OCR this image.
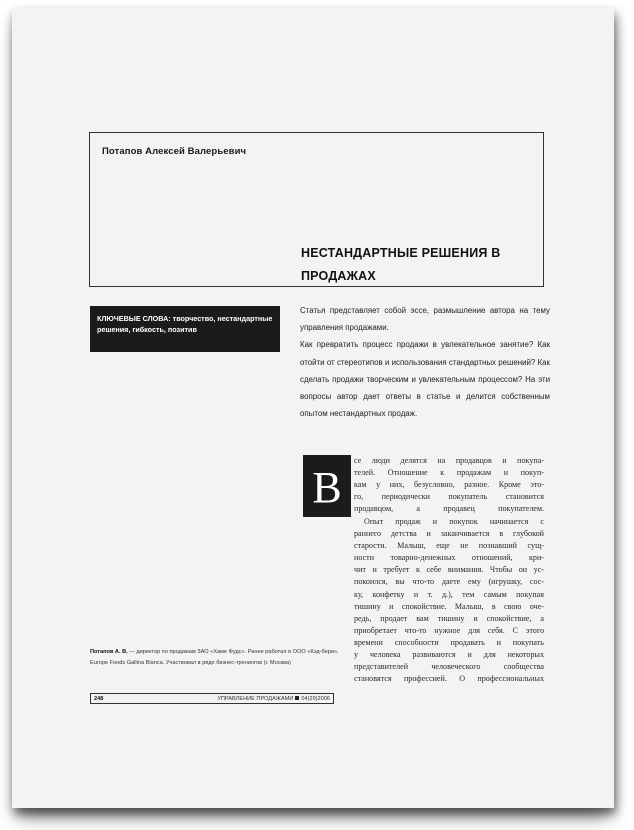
Потапов Алексей Валерьевич
НЕСТАНДАРТНЫЕ РЕШЕНИЯ В ПРОДАЖАХ
КЛЮЧЕВЫЕ СЛОВА: творчество, нестандартные решения, гибкость, позитив

Статья представляет собой эссе, размышление автора на тему управления продажами.

Как превратить процесс продажи в увлекательное занятие? Как отойти от стереотипов и использования стандартных решений? Как сделать продажи творческим и увлекательным процессом? На эти вопросы автор дает ответы в статье и делится собственным опытом нестандартных продаж.

В
се люди делятся на продавцов и покупа-
телей. Отношение к продажам и покуп-
кам у них, безусловно, разное. Кроме это-
го, периодически покупатель становится
продавцом, а продавец покупателем.
Опыт продаж и покупок начинается с
раннего детства и заканчивается в глубокой
старости. Малыш, еще не познавший сущ-
ности товарно-денежных отношений, кри-
чит и требует к себе внимания. Чтобы он ус-
покоился, вы что-то даете ему (игрушку, сос-
ку, конфетку и т. д.), тем самым покупая
тишину и спокойствие. Малыш, в свою оче-
редь, продает вам тишину и спокойствие, а
приобретает что-то нужное для себя. С этого
времени способности продавать и покупать
у человека развиваются и для некоторых
представителей человеческого сообщества
становятся профессией. О профессиональных
Потапов А. В. — директор по продажам ЗАО «Хаме Фудс». Ранее работал в ООО «Кэд-бери», Europe Foods Gallina Blanca. Участвовал в ряде бизнес-тренингов (г. Москва)
248	УПРАВЛЕНИЕ ПРОДАЖАМИ 04(29)2006
